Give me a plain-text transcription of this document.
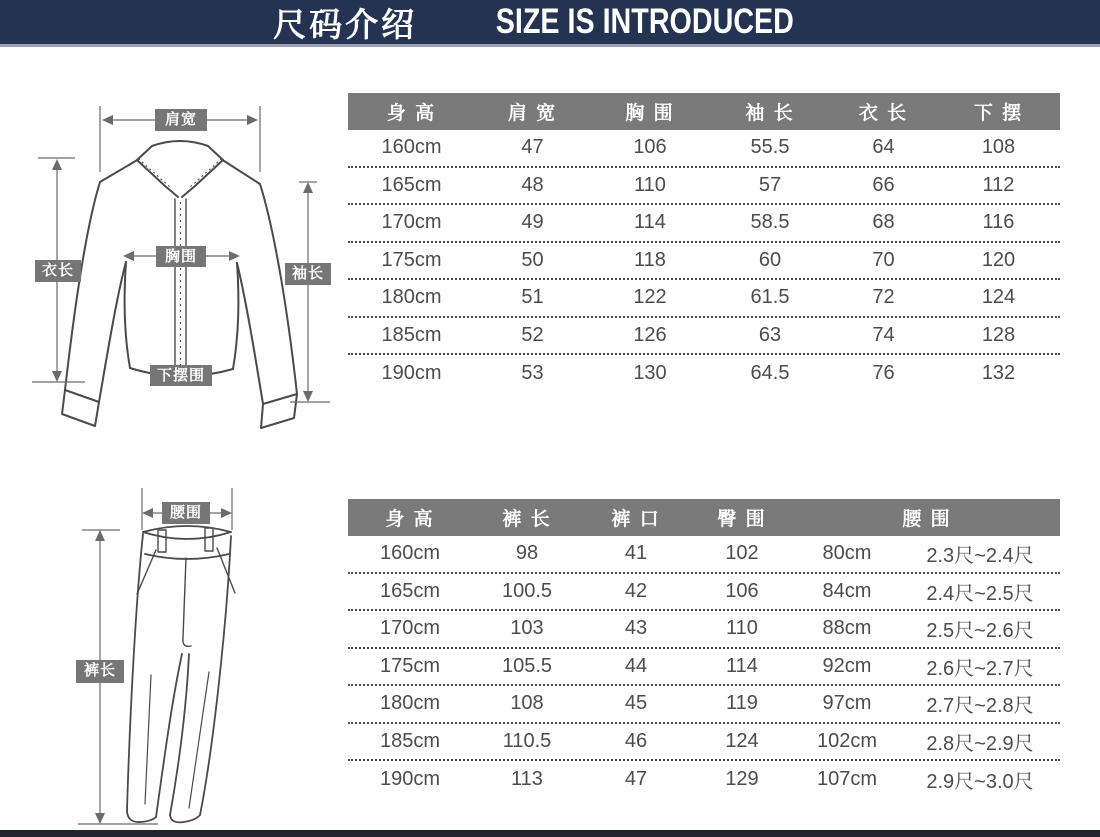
尺码介绍 SIZE IS INTRODUCED
肩宽
胸围
衣长	袖长
下摆围
身 高	肩 宽	胸 围	袖 长	衣 长	下 摆
160cm	47	106	55.5	64	108
165cm	48	110	57	66	112
170cm	49	114	58.5	68	116
175cm	50	118	60	70	120
180cm	51	122	61.5	72	124
185cm	52	126	63	74	128
190cm	53	130	64.5	76	132
腰围
裤长
身 高	裤 长	裤 口	臀 围	腰 围
160cm	98	41	102	80cm	2.3尺~2.4尺
165cm	100.5	42	106	84cm	2.4尺~2.5尺
170cm	103	43	110	88cm	2.5尺~2.6尺
175cm	105.5	44	114	92cm	2.6尺~2.7尺
180cm	108	45	119	97cm	2.7尺~2.8尺
185cm	110.5	46	124	102cm	2.8尺~2.9尺
190cm	113	47	129	107cm	2.9尺~3.0尺
